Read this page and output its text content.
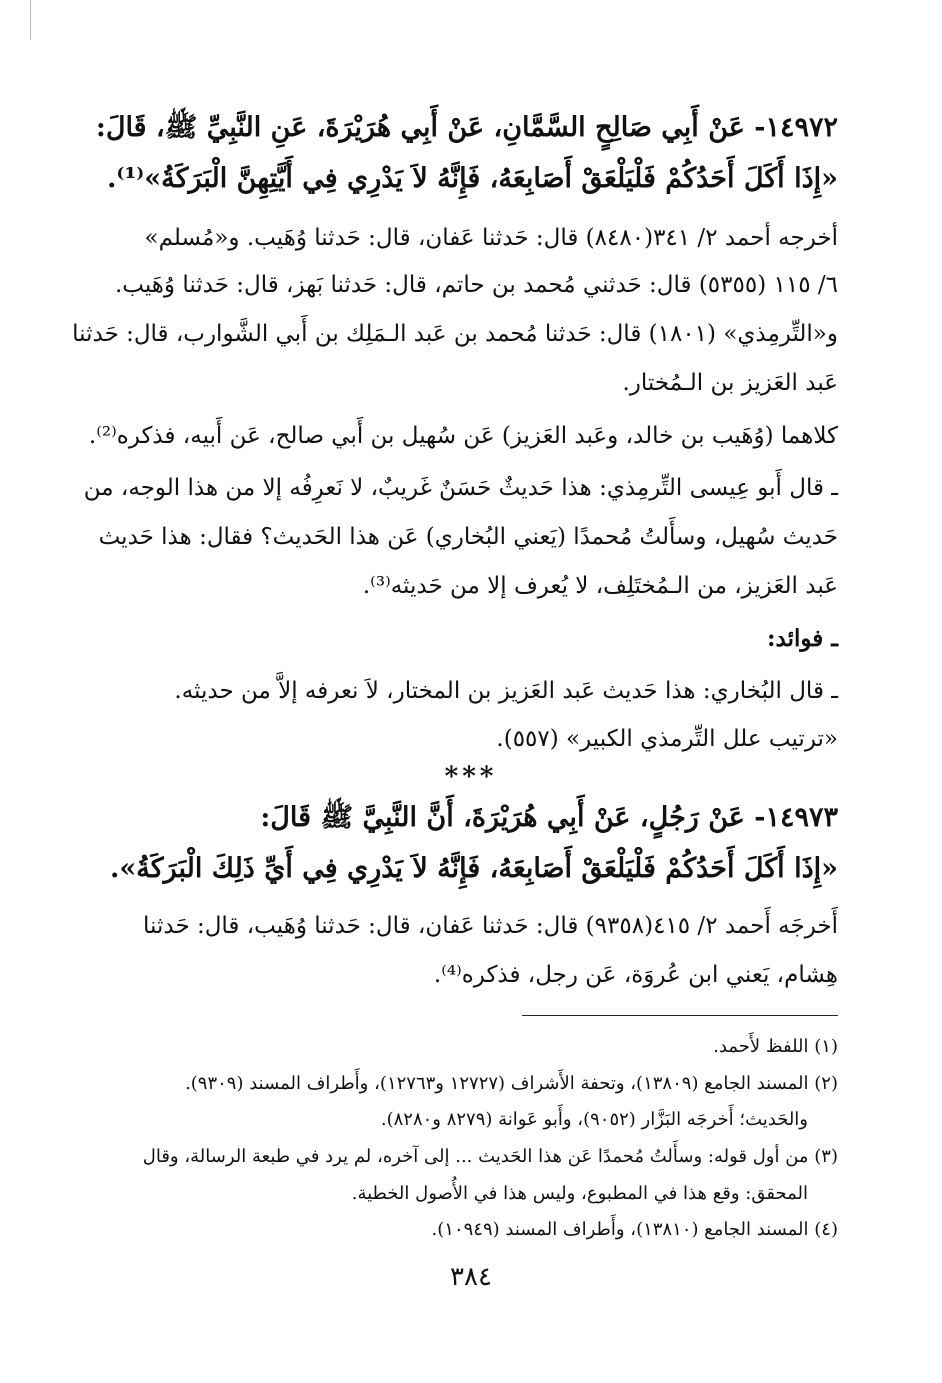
١٤٩٧٢- عَنْ أَبِي صَالِحٍ السَّمَّانِ، عَنْ أَبِي هُرَيْرَةَ، عَنِ النَّبِيِّ ﷺ، قَالَ:
«إِذَا أَكَلَ أَحَدُكُمْ فَلْيَلْعَقْ أَصَابِعَهُ، فَإِنَّهُ لاَ يَدْرِي فِي أَيَّتِهِنَّ الْبَرَكَةُ»⁽¹⁾.
أخرجه أحمد ٢/ ٣٤١(٨٤٨٠) قال: حَدثنا عَفان، قال: حَدثنا وُهَيب. و«مُسلم»
٦/ ١١٥ (٥٣٥٥) قال: حَدثني مُحمد بن حاتم، قال: حَدثنا بَهز، قال: حَدثنا وُهَيب.
و«التِّرمِذي» (١٨٠١) قال: حَدثنا مُحمد بن عَبد الـمَلِك بن أَبي الشَّوارب، قال: حَدثنا
عَبد العَزيز بن الـمُختار.
كلاهما (وُهَيب بن خالد، وعَبد العَزيز) عَن سُهيل بن أَبي صالح، عَن أَبيه، فذكره⁽²⁾.
ـ قال أَبو عِيسى التِّرمِذي: هذا حَديثٌ حَسَنٌ غَريبٌ، لا نَعرِفُه إلا من هذا الوجه، من
حَديث سُهيل، وسأَلتُ مُحمدًا (يَعني البُخاري) عَن هذا الحَديث؟ فقال: هذا حَديث
عَبد العَزيز، من الـمُختَلِف، لا يُعرف إلا من حَديثه⁽³⁾.
ـ فوائد:
ـ قال البُخاري: هذا حَديث عَبد العَزيز بن المختار، لاَ نعرفه إلاَّ من حديثه.
«ترتيب علل التِّرمذي الكبير» (٥٥٧).
***
١٤٩٧٣- عَنْ رَجُلٍ، عَنْ أَبِي هُرَيْرَةَ، أَنَّ النَّبِيَّ ﷺ قَالَ:
«إِذَا أَكَلَ أَحَدُكُمْ فَلْيَلْعَقْ أَصَابِعَهُ، فَإِنَّهُ لاَ يَدْرِي فِي أَيِّ ذَلِكَ الْبَرَكَةُ».
أَخرجَه أَحمد ٢/ ٤١٥(٩٣٥٨) قال: حَدثنا عَفان، قال: حَدثنا وُهَيب، قال: حَدثنا
هِشام، يَعني ابن عُروَة، عَن رجل، فذكره⁽⁴⁾.
(١) اللفظ لأَحمد.
(٢) المسند الجامع (١٣٨٠٩)، وتحفة الأَشراف (١٢٧٢٧ و١٢٧٦٣)، وأَطراف المسند (٩٣٠٩).
والحَديث؛ أَخرجَه البَزَّار (٩٠٥٢)، وأَبو عَوانة (٨٢٧٩ و٨٢٨٠).
(٣) من أول قوله: وسأَلتُ مُحمدًا عَن هذا الحَديث ... إلى آخره، لم يرد في طبعة الرسالة، وقال
المحقق: وقع هذا في المطبوع، وليس هذا في الأُصول الخطية.
(٤) المسند الجامع (١٣٨١٠)، وأَطراف المسند (١٠٩٤٩).
٣٨٤
